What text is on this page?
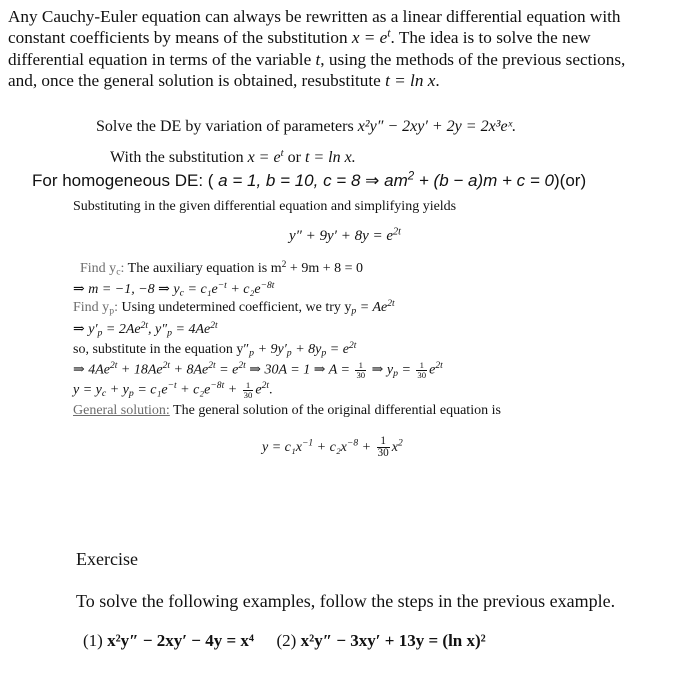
Any Cauchy-Euler equation can always be rewritten as a linear differential equation with
constant coefficients by means of the substitution $x = e^t$. The idea is to solve the new
differential equation in terms of the variable t, using the methods of the previous sections,
and, once the general solution is obtained, resubstitute t = ln x.
Solve the DE by variation of parameters x²y″ − 2xy′ + 2y = 2x³eˣ.
With the substitution $x = e^t$ or t = ln x.
For homogeneous DE: ( a = 1, b = 10, c = 8 ⇒ $am^2 + (b - a)m + c = 0)(or)$
Substituting in the given differential equation and simplifying yields
$y'' + 9y' + 8y = e^{2t}$
Find $y_c$: The auxiliary equation is $m^2 + 9m + 8 = 0$
⇒ m = −1, −8 ⇒ $y_c = c_1e^{-t} + c_2e^{-8t}$
Find $y_p$: Using undetermined coefficient, we try $y_p = Ae^{2t}$
⇒ $y'_p = 2Ae^{2t}$, $y''_p = 4Ae^{2t}$
so, substitute in the equation $y''_p + 9y'_p + 8y_p = e^{2t}$
⇒ $4Ae^{2t} + 18Ae^{2t} + 8Ae^{2t} = e^{2t}$ ⇒ 30A = 1 ⇒ $A = \frac{1}{30}$ ⇒ $y_p = \frac{1}{30} e^{2t}$
$y = y_c + y_p = c_1e^{-t} + c_2e^{-8t} + \frac{1}{30} e^{2t}$.
General solution: The general solution of the original differential equation is
$y = c_1x^{-1} + c_2x^{-8} + \frac{1}{30} x^2$
Exercise
To solve the following examples, follow the steps in the previous example.
(1) x²y″ − 2xy′ − 4y = x⁴ (2) x²y″ − 3xy′ + 13y = (ln x)²
